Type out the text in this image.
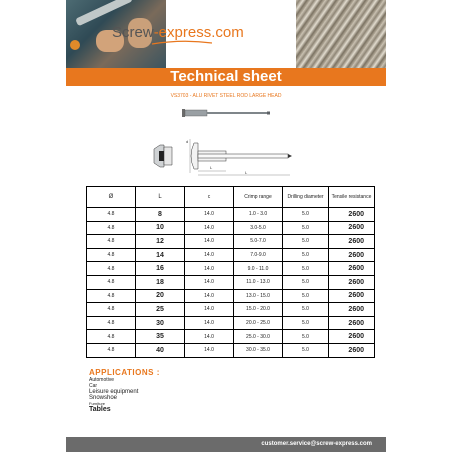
Screw-express.com
Technical sheet
VS3703 - ALU RIVET STEEL ROD LARGE HEAD
d
L
L
Ø	L	c	Crimp range	Drilling diameter	Tensile resistance
4.8	8	14.0	1.0 - 3.0	5.0	2600
4.8	10	14.0	3.0-5.0	5.0	2600
4.8	12	14.0	5.0-7.0	5.0	2600
4.8	14	14.0	7.0-9.0	5.0	2600
4.8	16	14.0	9.0 - 11.0	5.0	2600
4.8	18	14.0	11.0 - 13.0	5.0	2600
4.8	20	14.0	13.0 - 15.0	5.0	2600
4.8	25	14.0	15.0 - 20.0	5.0	2600
4.8	30	14.0	20.0 - 25.0	5.0	2600
4.8	35	14.0	25.0 - 30.0	5.0	2600
4.8	40	14.0	30.0 - 35.0	5.0	2600
APPLICATIONS :
Automotive
Car
Leisure equipment
Snowshoe
Furniture
Tables
customer.service@screw-express.com
